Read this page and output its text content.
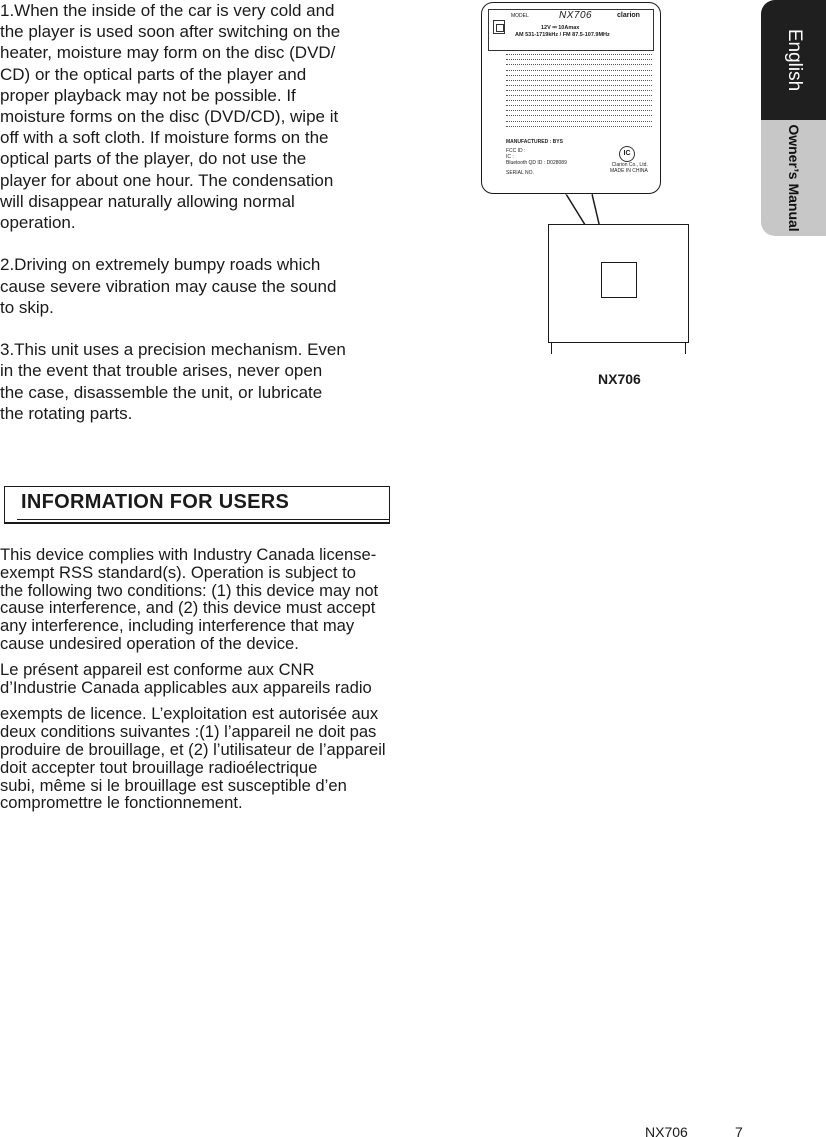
1.When the inside of the car is very cold and
the player is used soon after switching on the
heater, moisture may form on the disc (DVD/
CD) or the optical parts of the player and
proper playback may not be possible. If
moisture forms on the disc (DVD/CD), wipe it
off with a soft cloth. If moisture forms on the
optical parts of the player, do not use the
player for about one hour. The condensation
will disappear naturally allowing normal
operation.

2.Driving on extremely bumpy roads which
cause severe vibration may cause the sound
to skip.

3.This unit uses a precision mechanism. Even
in the event that trouble arises, never open
the case, disassemble the unit, or lubricate
the rotating parts.

INFORMATION FOR USERS

This device complies with Industry Canada license-
exempt RSS standard(s). Operation is subject to
the following two conditions: (1) this device may not
cause interference, and (2) this device must accept
any interference, including interference that may
cause undesired operation of the device.

Le présent appareil est conforme aux CNR
d’Industrie Canada applicables aux appareils radio

exempts de licence. L’exploitation est autorisée aux
deux conditions suivantes :(1) l’appareil ne doit pas
produire de brouillage, et (2) l’utilisateur de l’appareil
doit accepter tout brouillage radioélectrique
subi, même si le brouillage est susceptible d’en
compromettre le fonctionnement.

English
Owner’s Manual
MODEL	NX706	clarion
12V ⎓ 10Amax
AM 531-1719kHz / FM 87.5-107.9MHz
MANUFACTURED : BYS
FCC ID :
IC :
Bluetooth QD ID : D028089
SERIAL NO.
Clarion Co., Ltd.
MADE IN CHINA
IC
NX706
NX706	7
